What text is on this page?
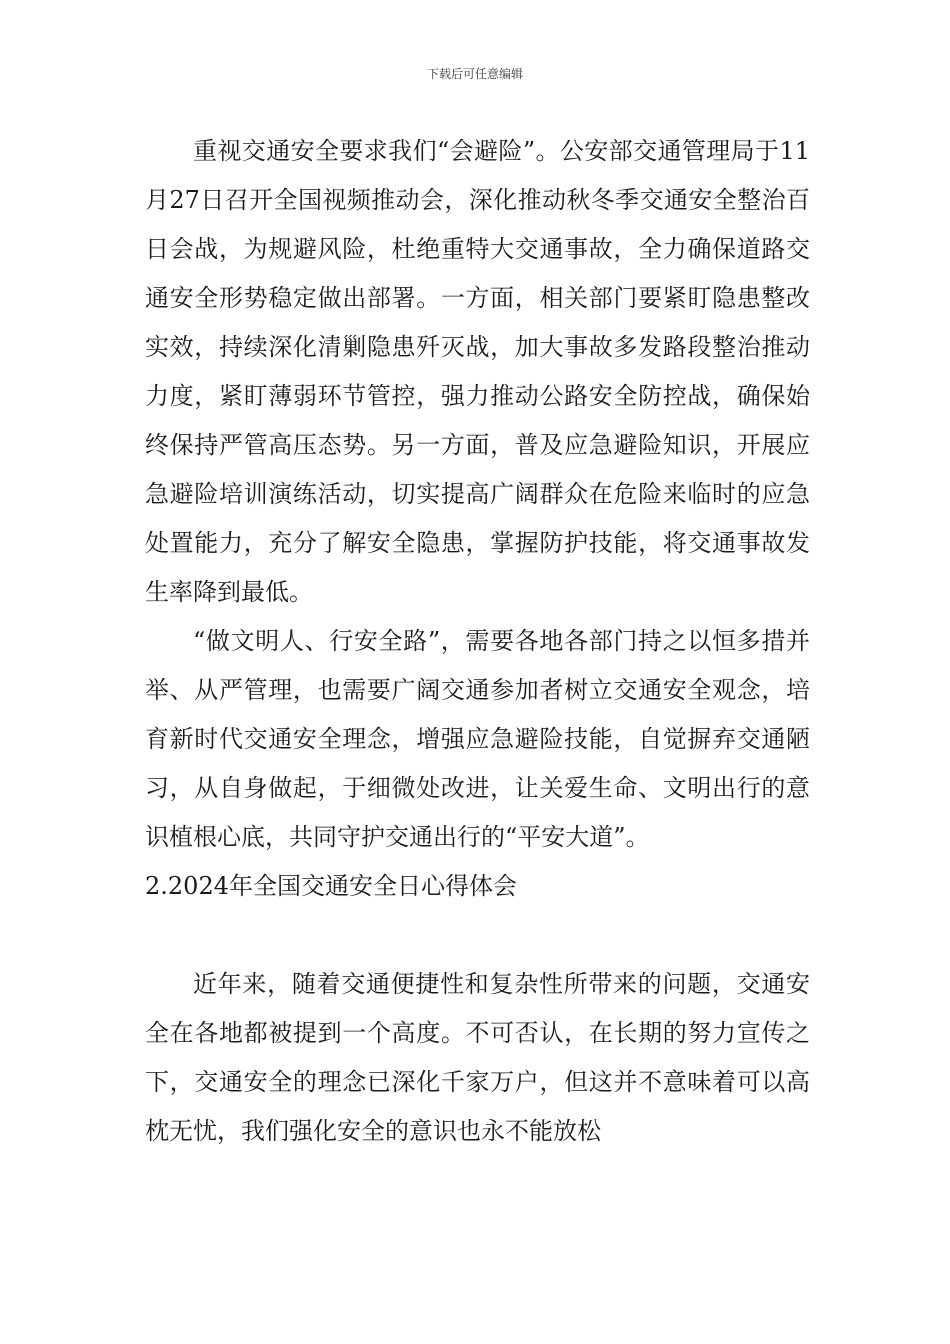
下载后可任意编辑

重视交通安全要求我们“会避险”。公安部交通管理局于11月27日召开全国视频推动会，深化推动秋冬季交通安全整治百日会战，为规避风险，杜绝重特大交通事故，全力确保道路交通安全形势稳定做出部署。一方面，相关部门要紧盯隐患整改实效，持续深化清剿隐患歼灭战，加大事故多发路段整治推动力度，紧盯薄弱环节管控，强力推动公路安全防控战，确保始终保持严管高压态势。另一方面，普及应急避险知识，开展应急避险培训演练活动，切实提高广阔群众在危险来临时的应急处置能力，充分了解安全隐患，掌握防护技能，将交通事故发生率降到最低。

“做文明人、行安全路”，需要各地各部门持之以恒多措并举、从严管理，也需要广阔交通参加者树立交通安全观念，培育新时代交通安全理念，增强应急避险技能，自觉摒弃交通陋习，从自身做起，于细微处改进，让关爱生命、文明出行的意识植根心底，共同守护交通出行的“平安大道”。

2.2024年全国交通安全日心得体会

近年来，随着交通便捷性和复杂性所带来的问题，交通安全在各地都被提到一个高度。不可否认，在长期的努力宣传之下，交通安全的理念已深化千家万户，但这并不意味着可以高枕无忧，我们强化安全的意识也永不能放松
